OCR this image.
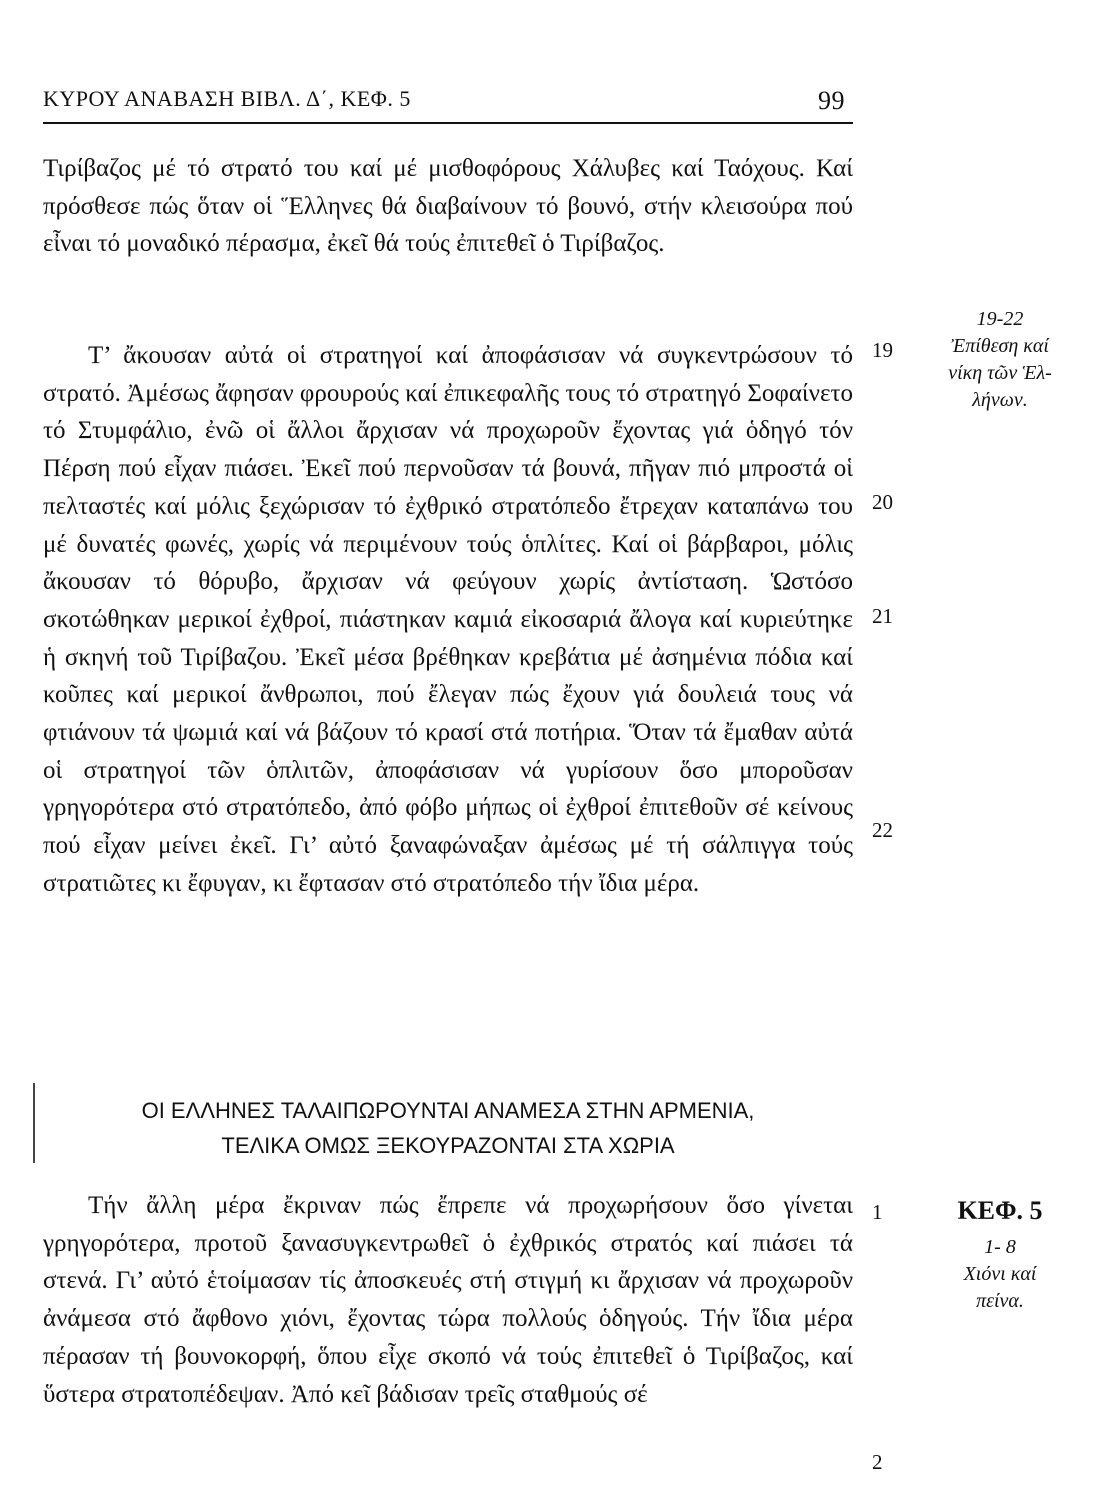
ΚΥΡΟΥ ΑΝΑΒΑΣΗ ΒΙΒΛ. Δ΄, ΚΕΦ. 5	99

Τιρίβαζος μέ τό στρατό του καί μέ μισθοφόρους Χάλυβες καί Ταόχους. Καί πρόσθεσε πώς ὅταν οἱ Ἕλληνες θά διαβαίνουν τό βουνό, στήν κλεισούρα πού εἶναι τό μοναδικό πέρασμα, ἐκεῖ θά τούς ἐπιτεθεῖ ὁ Τιρίβαζος.

Τ’ ἄκουσαν αὐτά οἱ στρατηγοί καί ἀποφάσισαν νά συγκεντρώσουν τό στρατό. Ἀμέσως ἄφησαν φρουρούς καί ἐπικεφαλῆς τους τό στρατηγό Σοφαίνετο τό Στυμφάλιο, ἐνῶ οἱ ἄλλοι ἄρχισαν νά προχωροῦν ἔχοντας γιά ὁδηγό τόν Πέρση πού εἶχαν πιάσει. Ἐκεῖ πού περνοῦσαν τά βουνά, πῆγαν πιό μπροστά οἱ πελταστές καί μόλις ξεχώρισαν τό ἐχθρικό στρατόπεδο ἔτρεχαν καταπάνω του μέ δυνατές φωνές, χωρίς νά περιμένουν τούς ὁπλίτες. Καί οἱ βάρβαροι, μόλις ἄκουσαν τό θόρυβο, ἄρχισαν νά φεύγουν χωρίς ἀντίσταση. Ὡστόσο σκοτώθηκαν μερικοί ἐχθροί, πιάστηκαν καμιά εἰκοσαριά ἄλογα καί κυριεύτηκε ἡ σκηνή τοῦ Τιρίβαζου. Ἐκεῖ μέσα βρέθηκαν κρεβάτια μέ ἀσημένια πόδια καί κοῦπες καί μερικοί ἄνθρωποι, πού ἔλεγαν πώς ἔχουν γιά δουλειά τους νά φτιάνουν τά ψωμιά καί νά βάζουν τό κρασί στά ποτήρια. Ὅταν τά ἔμαθαν αὐτά οἱ στρατηγοί τῶν ὁπλιτῶν, ἀποφάσισαν νά γυρίσουν ὅσο μποροῦσαν γρηγορότερα στό στρατόπεδο, ἀπό φόβο μήπως οἱ ἐχθροί ἐπιτεθοῦν σέ κείνους πού εἶχαν μείνει ἐκεῖ. Γι’ αὐτό ξαναφώναξαν ἀμέσως μέ τή σάλπιγγα τούς στρατιῶτες κι ἔφυγαν, κι ἔφτασαν στό στρατόπεδο τήν ἴδια μέρα.

ΟΙ ΕΛΛΗΝΕΣ ΤΑΛΑΙΠΩΡΟΥΝΤΑΙ ΑΝΑΜΕΣΑ ΣΤΗΝ ΑΡΜΕΝΙΑ,
ΤΕΛΙΚΑ ΟΜΩΣ ΞΕΚΟΥΡΑΖΟΝΤΑΙ ΣΤΑ ΧΩΡΙΑ

Τήν ἄλλη μέρα ἔκριναν πώς ἔπρεπε νά προχωρήσουν ὅσο γίνεται γρηγορότερα, προτοῦ ξανασυγκεντρωθεῖ ὁ ἐχθρικός στρατός καί πιάσει τά στενά. Γι’ αὐτό ἑτοίμασαν τίς ἀποσκευές στή στιγμή κι ἄρχισαν νά προχωροῦν ἀνάμεσα στό ἄφθονο χιόνι, ἔχοντας τώρα πολλούς ὁδηγούς. Τήν ἴδια μέρα πέρασαν τή βουνοκορφή, ὅπου εἶχε σκοπό νά τούς ἐπιτεθεῖ ὁ Τιρίβαζος, καί ὕστερα στρατοπέδεψαν. Ἀπό κεῖ βάδισαν τρεῖς σταθμούς σέ

19
20
21
22
1
2
19-22
Ἐπίθεση καί
νίκη τῶν Ἑλ-
λήνων.
ΚΕΦ. 5
1- 8
Χιόνι καί
πείνα.
